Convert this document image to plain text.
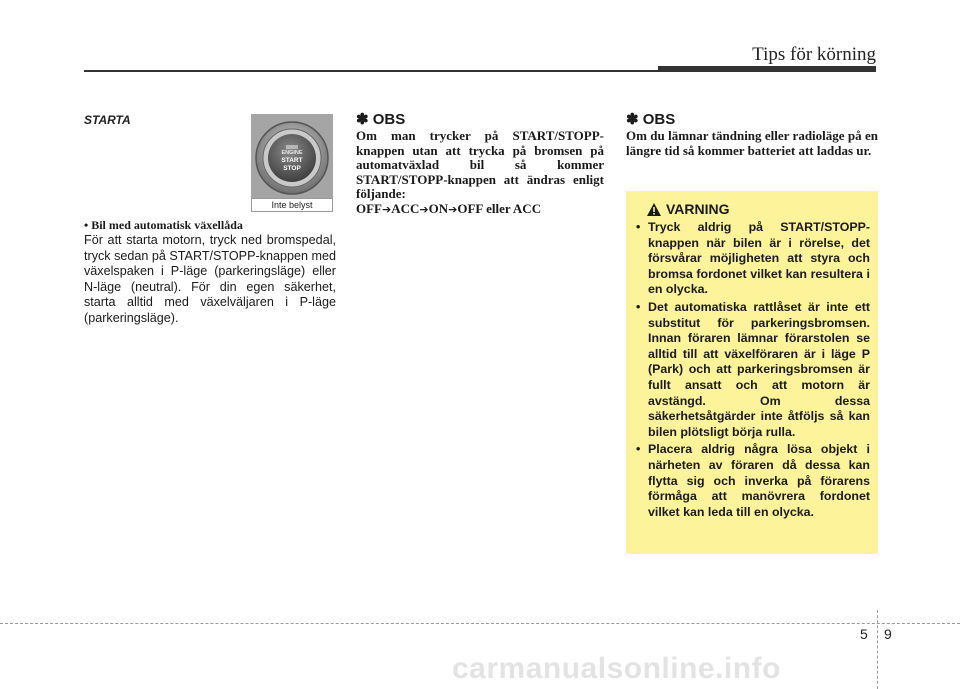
Tips för körning
STARTA
ENGINE
START
STOP
Inte belyst
• Bil med automatisk växellåda
För att starta motorn, tryck ned bromspedal, tryck sedan på START/STOPP-knappen med växelspaken i P-läge (parkeringsläge) eller N-läge (neutral). För din egen säkerhet, starta alltid med växelväljaren i P-läge (parkeringsläge).
✽ OBS
Om man trycker på START/STOPP-knappen utan att trycka på bromsen på automatväxlad bil så kommer START/STOPP-knappen att ändras enligt följande:
OFF➔ACC➔ON➔OFF eller ACC
✽ OBS
Om du lämnar tändning eller radioläge på en längre tid så kommer batteriet att laddas ur.
VARNING
• Tryck aldrig på START/STOPP-knappen när bilen är i rörelse, det försvårar möjligheten att styra och bromsa fordonet vilket kan resultera i en olycka.
• Det automatiska rattlåset är inte ett substitut för parkeringsbromsen. Innan föraren lämnar förarstolen se alltid till att växelföraren är i läge P (Park) och att parkeringsbromsen är fullt ansatt och att motorn är avstängd. Om dessa säkerhetsåtgärder inte åtföljs så kan bilen plötsligt börja rulla.
• Placera aldrig några lösa objekt i närheten av föraren då dessa kan flytta sig och inverka på förarens förmåga att manövrera fordonet vilket kan leda till en olycka.
5 9
carmanualsonline.info
